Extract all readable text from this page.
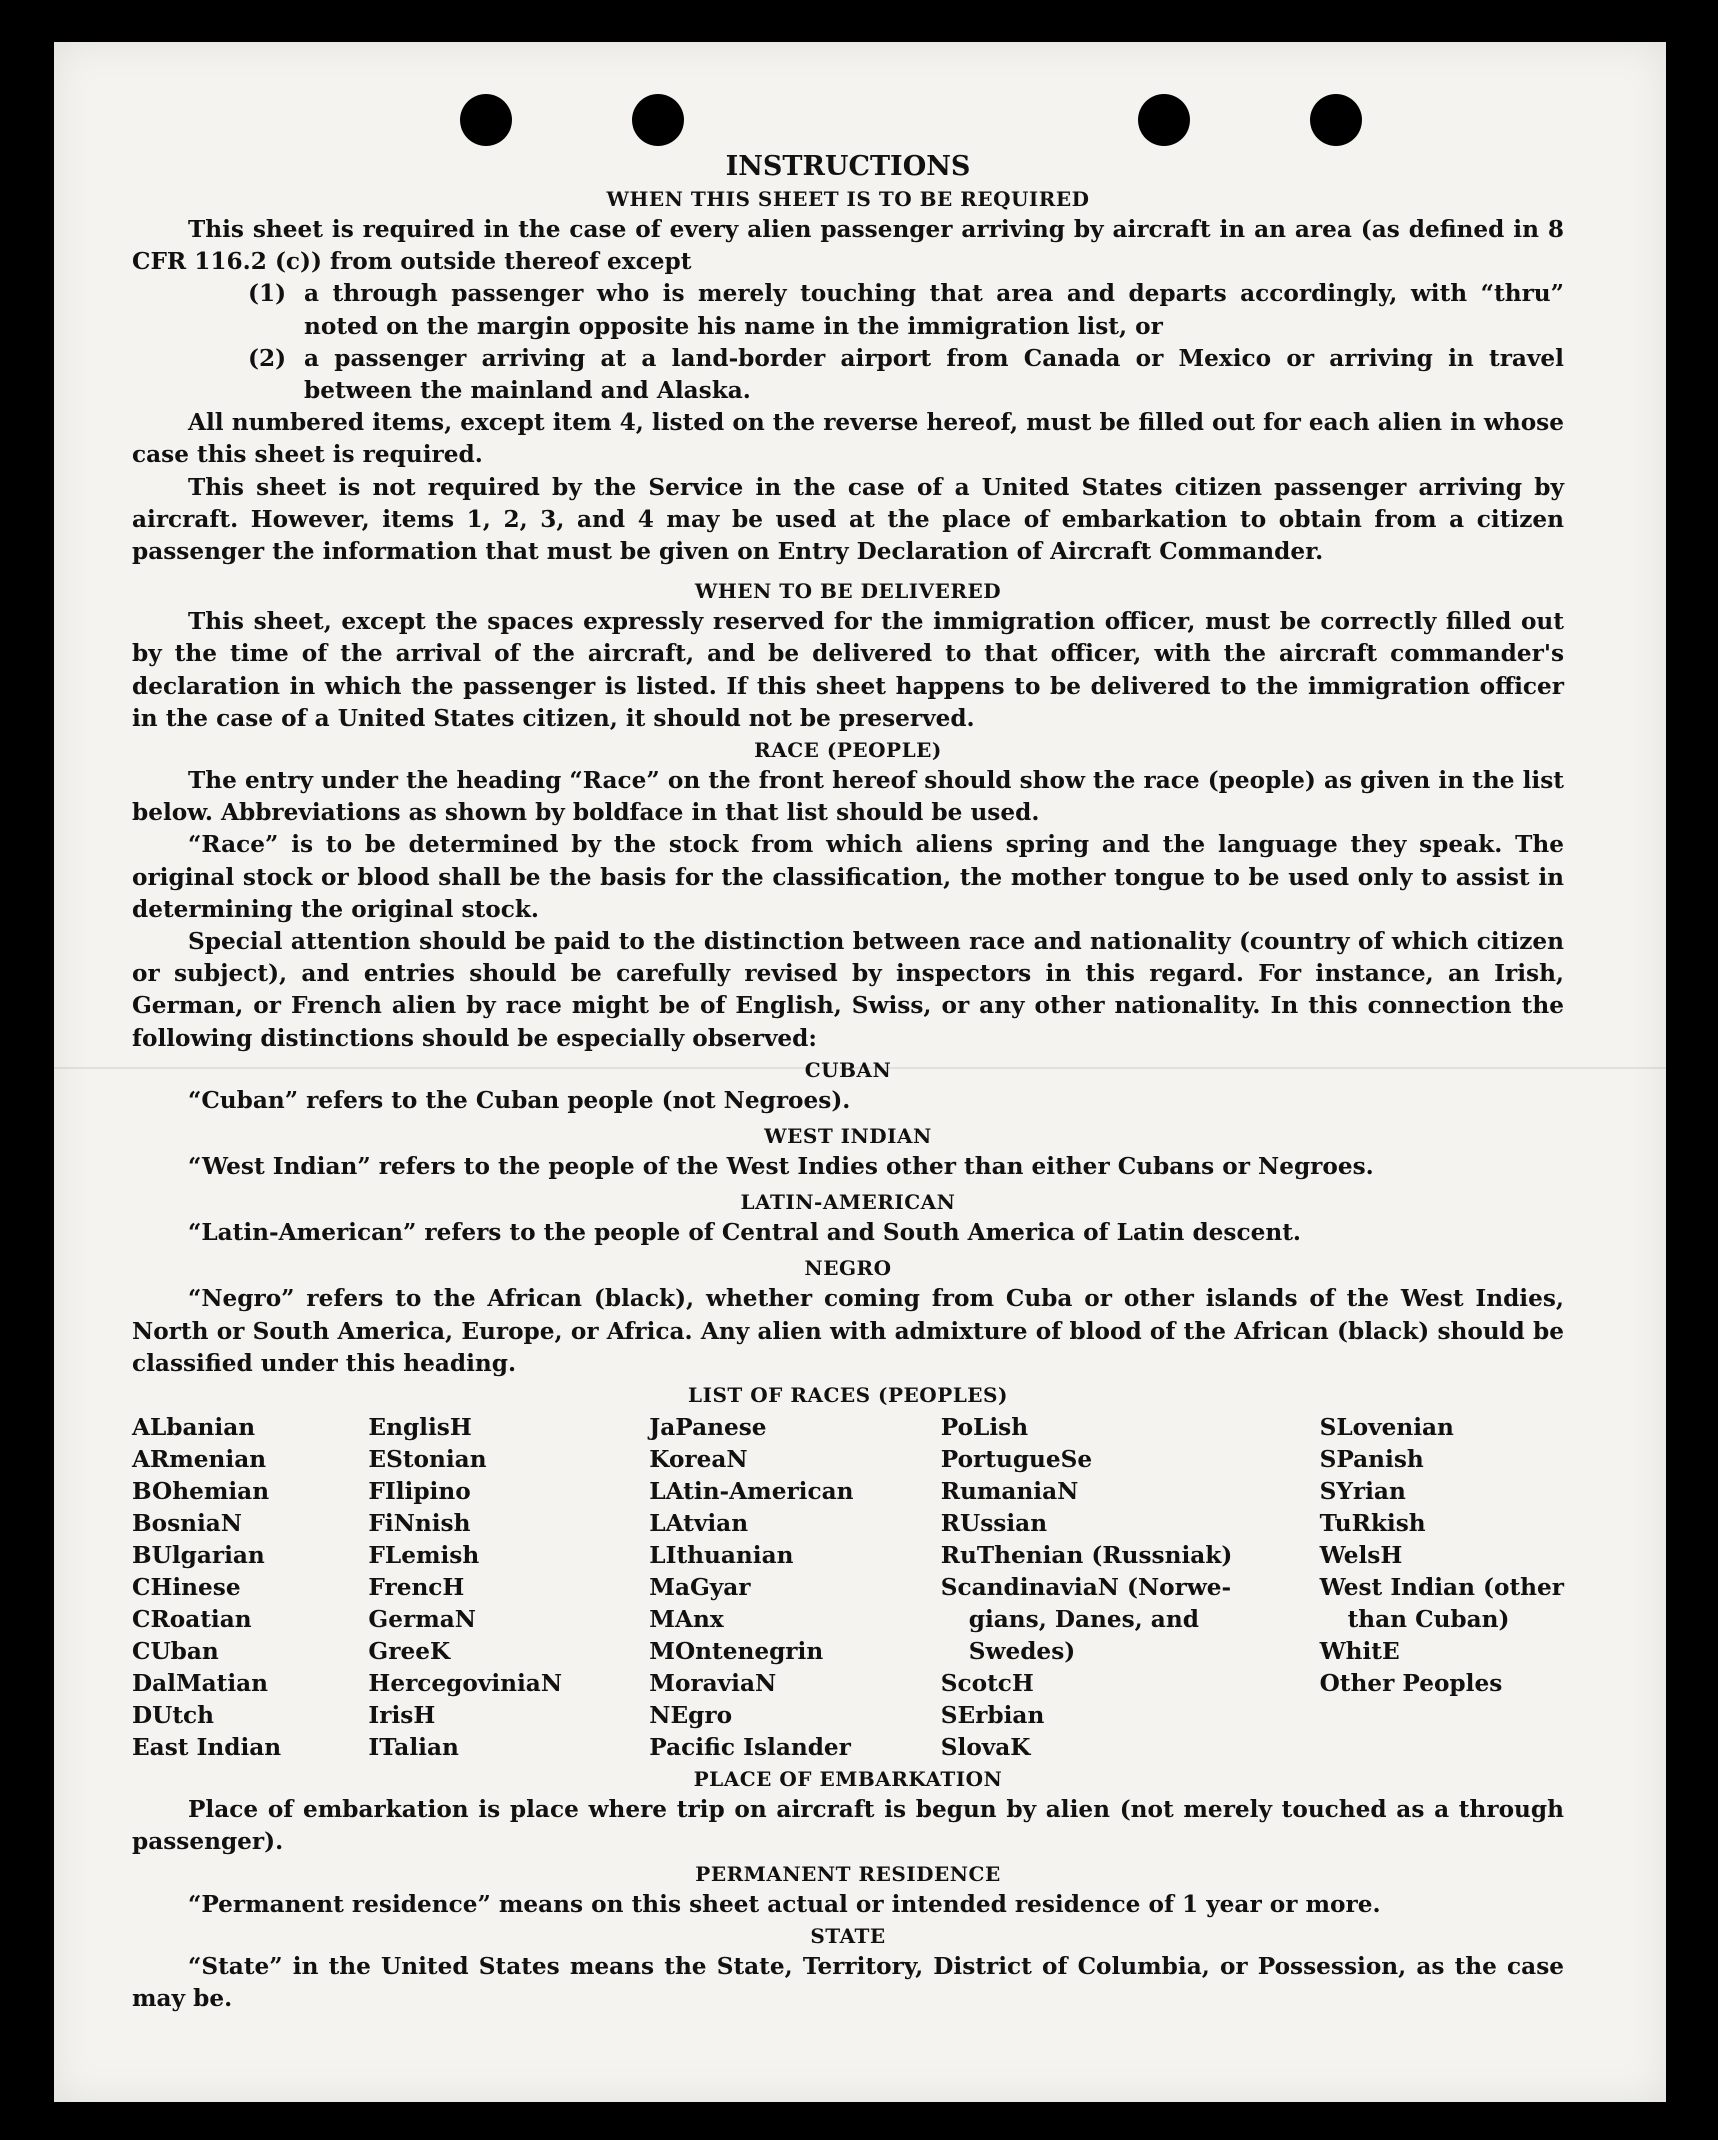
INSTRUCTIONS

WHEN THIS SHEET IS TO BE REQUIRED

This sheet is required in the case of every alien passenger arriving by aircraft in an area (as defined in 8 CFR 116.2 (c)) from outside thereof except

(1) a through passenger who is merely touching that area and departs accordingly, with “thru” noted on the margin opposite his name in the immigration list, or
(2) a passenger arriving at a land-border airport from Canada or Mexico or arriving in travel between the mainland and Alaska.

All numbered items, except item 4, listed on the reverse hereof, must be filled out for each alien in whose case this sheet is required.

This sheet is not required by the Service in the case of a United States citizen passenger arriving by aircraft. However, items 1, 2, 3, and 4 may be used at the place of embarkation to obtain from a citizen passenger the information that must be given on Entry Declaration of Aircraft Commander.

WHEN TO BE DELIVERED

This sheet, except the spaces expressly reserved for the immigration officer, must be correctly filled out by the time of the arrival of the aircraft, and be delivered to that officer, with the aircraft commander's declaration in which the passenger is listed. If this sheet happens to be delivered to the immigration officer in the case of a United States citizen, it should not be preserved.

RACE (PEOPLE)

The entry under the heading “Race” on the front hereof should show the race (people) as given in the list below. Abbreviations as shown by boldface in that list should be used.

“Race” is to be determined by the stock from which aliens spring and the language they speak. The original stock or blood shall be the basis for the classification, the mother tongue to be used only to assist in determining the original stock.

Special attention should be paid to the distinction between race and nationality (country of which citizen or subject), and entries should be carefully revised by inspectors in this regard. For instance, an Irish, German, or French alien by race might be of English, Swiss, or any other nationality. In this connection the following distinctions should be especially observed:

CUBAN

“Cuban” refers to the Cuban people (not Negroes).

WEST INDIAN

“West Indian” refers to the people of the West Indies other than either Cubans or Negroes.

LATIN-AMERICAN

“Latin-American” refers to the people of Central and South America of Latin descent.

NEGRO

“Negro” refers to the African (black), whether coming from Cuba or other islands of the West Indies, North or South America, Europe, or Africa. Any alien with admixture of blood of the African (black) should be classified under this heading.

LIST OF RACES (PEOPLES)

ALbanian
ARmenian
BOhemian
BosniaN
BUlgarian
CHinese
CRoatian
CUban
DalMatian
DUtch
East Indian
EnglisH
EStonian
FIlipino
FiNnish
FLemish
FrencH
GermaN
GreeK
HercegoviniaN
IrisH
ITalian
JaPanese
KoreaN
LAtin-American
LAtvian
LIthuanian
MaGyar
MAnx
MOntenegrin
MoraviaN
NEgro
Pacific Islander
PoLish
PortugueSe
RumaniaN
RUssian
RuThenian (Russniak)
ScandinaviaN (Norwe-
gians, Danes, and
Swedes)
ScotcH
SErbian
SlovaK
SLovenian
SPanish
SYrian
TuRkish
WelsH
West Indian (other
than Cuban)
WhitE
Other Peoples

PLACE OF EMBARKATION

Place of embarkation is place where trip on aircraft is begun by alien (not merely touched as a through passenger).

PERMANENT RESIDENCE

“Permanent residence” means on this sheet actual or intended residence of 1 year or more.

STATE

“State” in the United States means the State, Territory, District of Columbia, or Possession, as the case may be.
